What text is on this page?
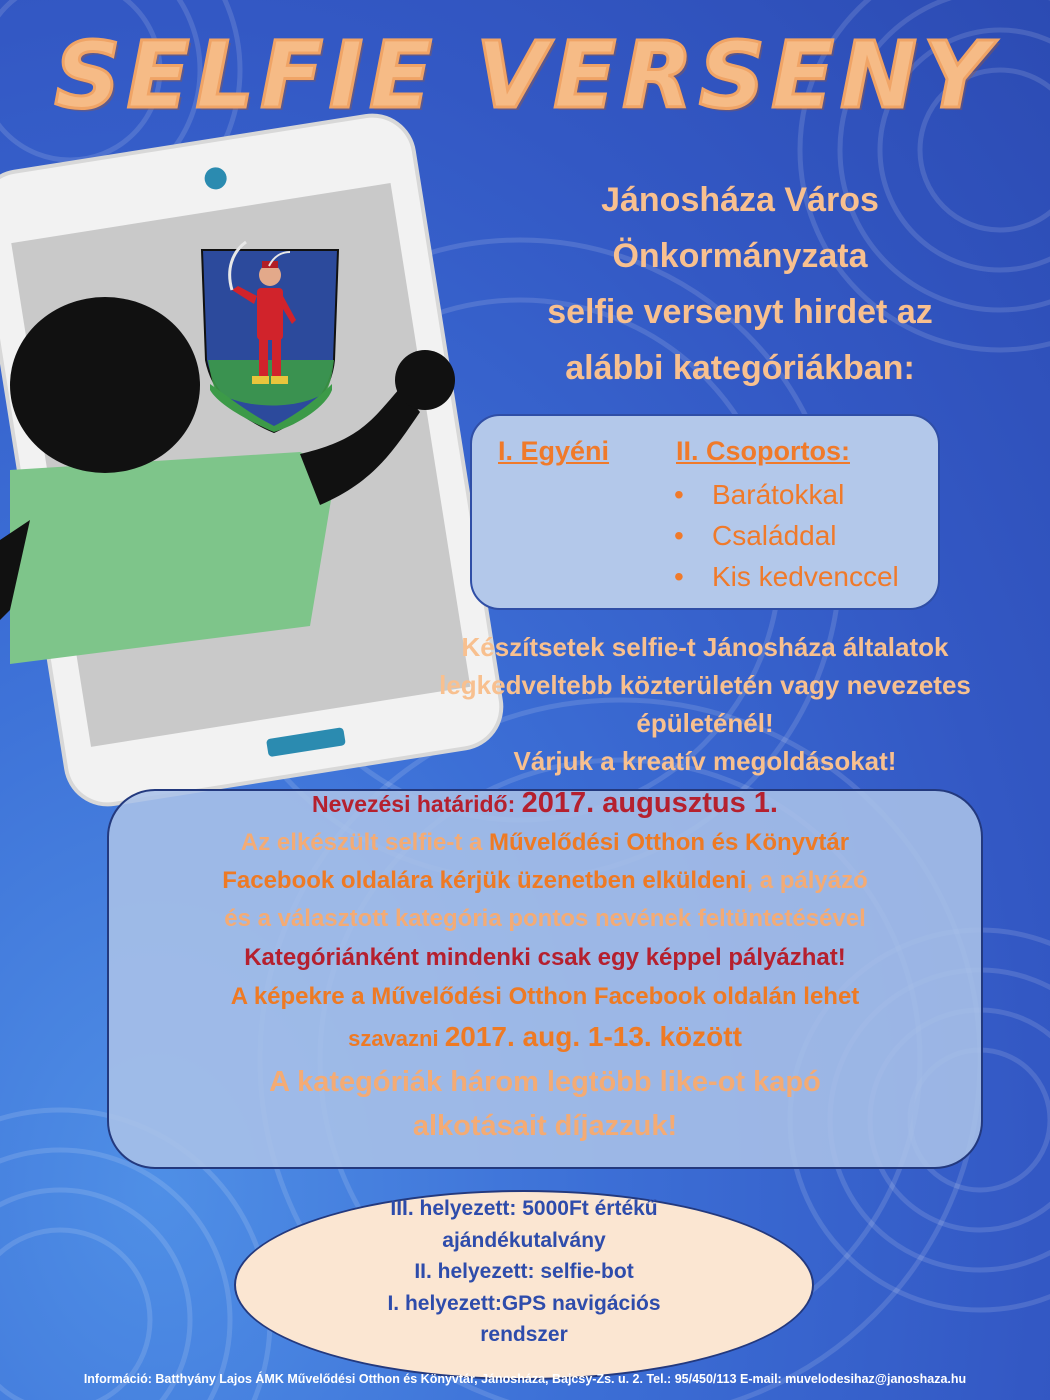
SELFIE VERSENY
Jánosháza Város
Önkormányzata
selfie versenyt hirdet az
alábbi kategóriákban:
I. Egyéni II. Csoportos:
• Barátokkal
• Családdal
• Kis kedvenccel
Készítsetek selfie-t Jánosháza általatok
legkedveltebb közterületén vagy nevezetes
épületénél!
Várjuk a kreatív megoldásokat!
Nevezési határidő: 2017. augusztus 1.
Az elkészült selfie-t a Művelődési Otthon és Könyvtár
Facebook oldalára kérjük üzenetben elküldeni, a pályázó
és a választott kategória pontos nevének feltüntetésével
Kategóriánként mindenki csak egy képpel pályázhat!
A képekre a Művelődési Otthon Facebook oldalán lehet
szavazni 2017. aug. 1-13. között
A kategóriák három legtöbb like-ot kapó
alkotásait díjazzuk!
III. helyezett: 5000Ft értékű
ajándékutalvány
II. helyezett: selfie-bot
I. helyezett:GPS navigációs
rendszer
Információ: Batthyány Lajos ÁMK Művelődési Otthon és Könyvtár, Jánosháza, Bajcsy-Zs. u. 2. Tel.: 95/450/113 E-mail: muvelodesihaz@janoshaza.hu
